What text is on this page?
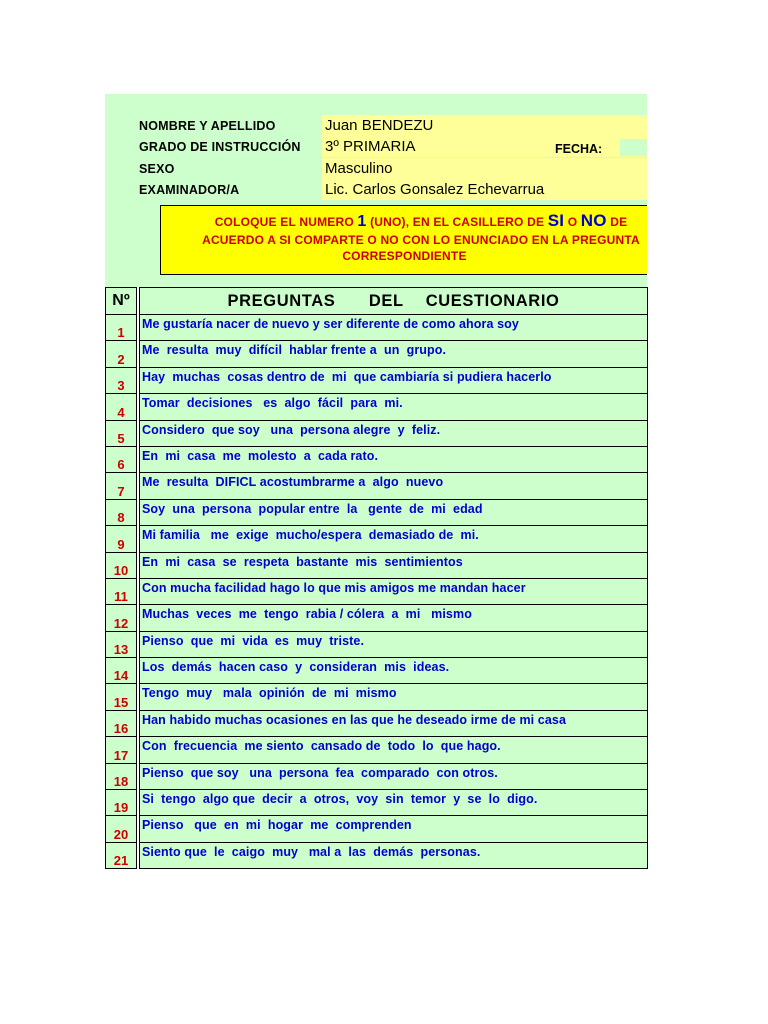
NOMBRE Y APELLIDO	Juan BENDEZU
GRADO DE INSTRUCCIÓN 3º PRIMARIA
SEXO	Masculino
EXAMINADOR/A	Lic. Carlos Gonsalez Echevarrua
FECHA:
COLOQUE EL NUMERO 1 (UNO), EN EL CASILLERO DE SI O NO DE
ACUERDO A SI COMPARTE O NO CON LO ENUNCIADO EN LA PREGUNTA
CORRESPONDIENTE
Nº		PREGUNTAS   DEL  CUESTIONARIO
1		Me gustaría nacer de nuevo y ser diferente de como ahora soy
2		Me  resulta  muy  difícil  hablar frente a  un  grupo.
3		Hay  muchas  cosas dentro de  mi  que cambiaría si pudiera hacerlo
4		Tomar  decisiones   es  algo  fácil  para  mi.
5		Considero  que soy   una  persona alegre  y  feliz.
6		En  mi  casa  me  molesto  a  cada rato.
7		Me  resulta  DIFICL acostumbrarme a  algo  nuevo
8		Soy  una  persona  popular entre  la   gente  de  mi  edad
9		Mi familia   me  exige  mucho/espera  demasiado de  mi.
10		En  mi  casa  se  respeta  bastante  mis  sentimientos
11		Con mucha facilidad hago lo que mis amigos me mandan hacer
12		Muchas  veces  me  tengo  rabia / cólera  a  mi   mismo
13		Pienso  que  mi  vida  es  muy  triste.
14		Los  demás  hacen caso  y  consideran  mis  ideas.
15		Tengo  muy   mala  opinión  de  mi  mismo
16		Han habido muchas ocasiones en las que he deseado irme de mi casa
17		Con  frecuencia  me siento  cansado de  todo  lo  que hago.
18		Pienso  que soy   una  persona  fea  comparado  con otros.
19		Si  tengo  algo que  decir  a  otros,  voy  sin  temor  y  se  lo  digo.
20		Pienso   que  en  mi  hogar  me  comprenden
21		Siento que  le  caigo  muy   mal a  las  demás  personas.
